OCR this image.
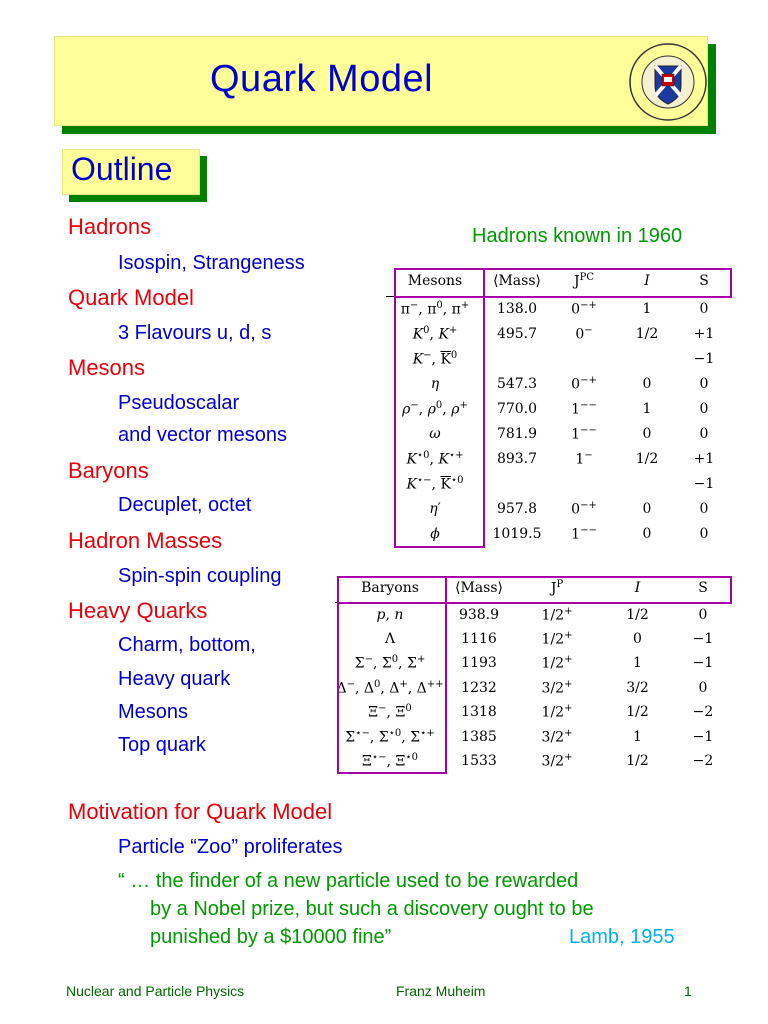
Quark Model
Outline
Hadrons
Isospin, Strangeness
Quark Model
3 Flavours u, d, s
Mesons
Pseudoscalar
and vector mesons
Baryons
Decuplet, octet
Hadron Masses
Spin-spin coupling
Heavy Quarks
Charm, bottom,
Heavy quark
Mesons
Top quark
Hadrons known in 1960
Mesons	⟨Mass⟩	$J^{PC}$	I	S
π−, $\pi^0$, π+	138.0	0−+	1	0
$K^0$, K+	495.7	0−	1/2	+1
K−, $\overline{K}^0$				−1
η	547.3	0−+	0	0
ρ−, $\rho^0$, ρ+	770.0	1−−	1	0
ω	781.9	1−−	0	0
$K^{⋆0}$, K⋆+	893.7	1−	1/2	+1
K⋆−, $\overline{K}^{⋆0}$				−1
η′	957.8	0−+	0	0
ϕ	1019.5	1−−	0	0
Baryons	⟨Mass⟩	$J^P$	I	S
p, n	938.9	1/2+	1/2	0
Λ	1116	1/2+	0	−1
Σ−, $\Sigma^0$, Σ+	1193	1/2+	1	−1
Δ−, $\Delta^0$, Δ+, Δ++	1232	3/2+	3/2	0
Ξ−, $\Xi^0$	1318	1/2+	1/2	−2
Σ⋆−, $\Sigma^{⋆0}$, Σ⋆+	1385	3/2+	1	−1
Ξ⋆−, $\Xi^{⋆0}$	1533	3/2+	1/2	−2
Motivation for Quark Model
Particle “Zoo” proliferates
“ … the finder of a new particle used to be rewarded
by a Nobel prize, but such a discovery ought to be
punished by a $10000 fine”	Lamb, 1955
Nuclear and Particle Physics	Franz Muheim	1
